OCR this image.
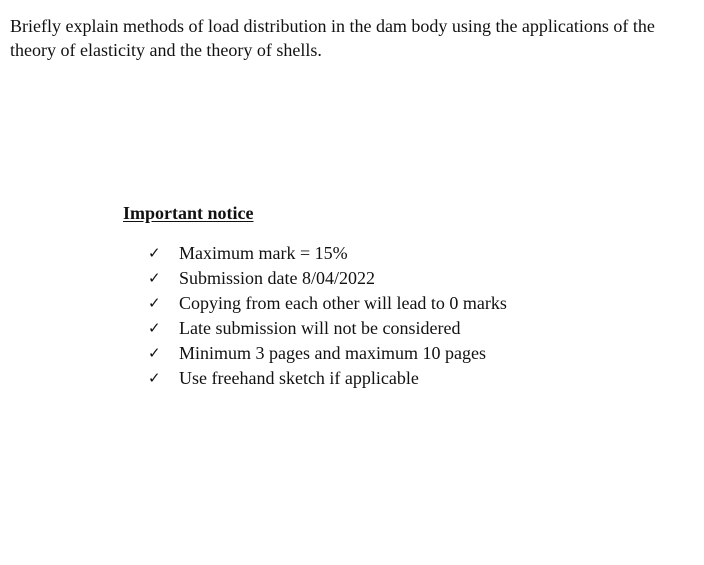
Briefly explain methods of load distribution in the dam body using the applications of the theory of elasticity and the theory of shells.

Important notice
✓	Maximum mark = 15%
✓	Submission date 8/04/2022
✓	Copying from each other will lead to 0 marks
✓	Late submission will not be considered
✓	Minimum 3 pages and maximum 10 pages
✓	Use freehand sketch if applicable
